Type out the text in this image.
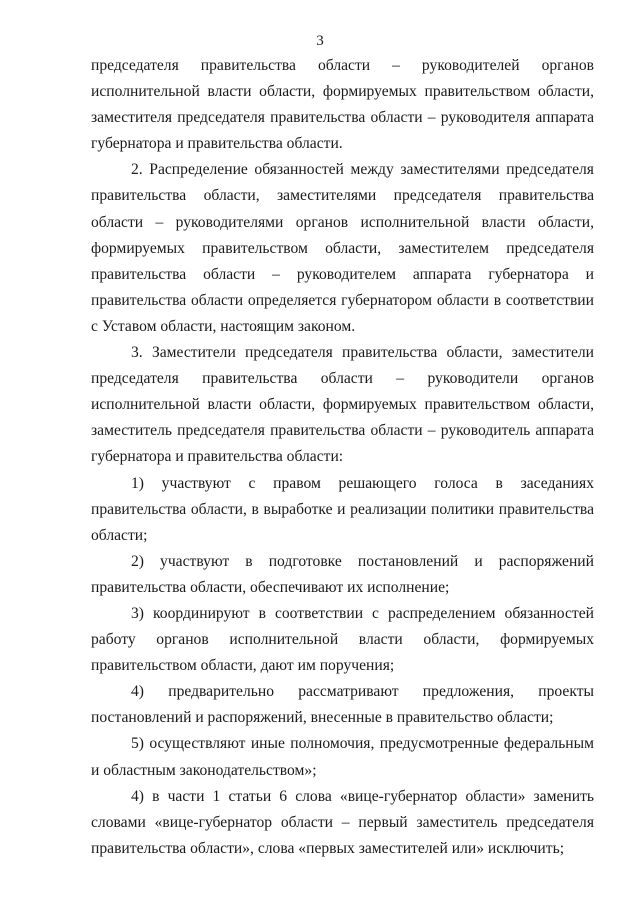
3

председателя правительства области – руководителей органов исполнительной власти области, формируемых правительством области, заместителя председателя правительства области – руководителя аппарата губернатора и правительства области.

2. Распределение обязанностей между заместителями председателя правительства области, заместителями председателя правительства области – руководителями органов исполнительной власти области, формируемых правительством области, заместителем председателя правительства области – руководителем аппарата губернатора и правительства области определяется губернатором области в соответствии с Уставом области, настоящим законом.

3. Заместители председателя правительства области, заместители председателя правительства области – руководители органов исполнительной власти области, формируемых правительством области, заместитель председателя правительства области – руководитель аппарата губернатора и правительства области:

1) участвуют с правом решающего голоса в заседаниях правительства области, в выработке и реализации политики правительства области;

2) участвуют в подготовке постановлений и распоряжений правительства области, обеспечивают их исполнение;

3) координируют в соответствии с распределением обязанностей работу органов исполнительной власти области, формируемых правительством области, дают им поручения;

4) предварительно рассматривают предложения, проекты постановлений и распоряжений, внесенные в правительство области;

5) осуществляют иные полномочия, предусмотренные федеральным и областным законодательством»;

4) в части 1 статьи 6 слова «вице-губернатор области» заменить словами «вице-губернатор области – первый заместитель председателя правительства области», слова «первых заместителей или» исключить;
